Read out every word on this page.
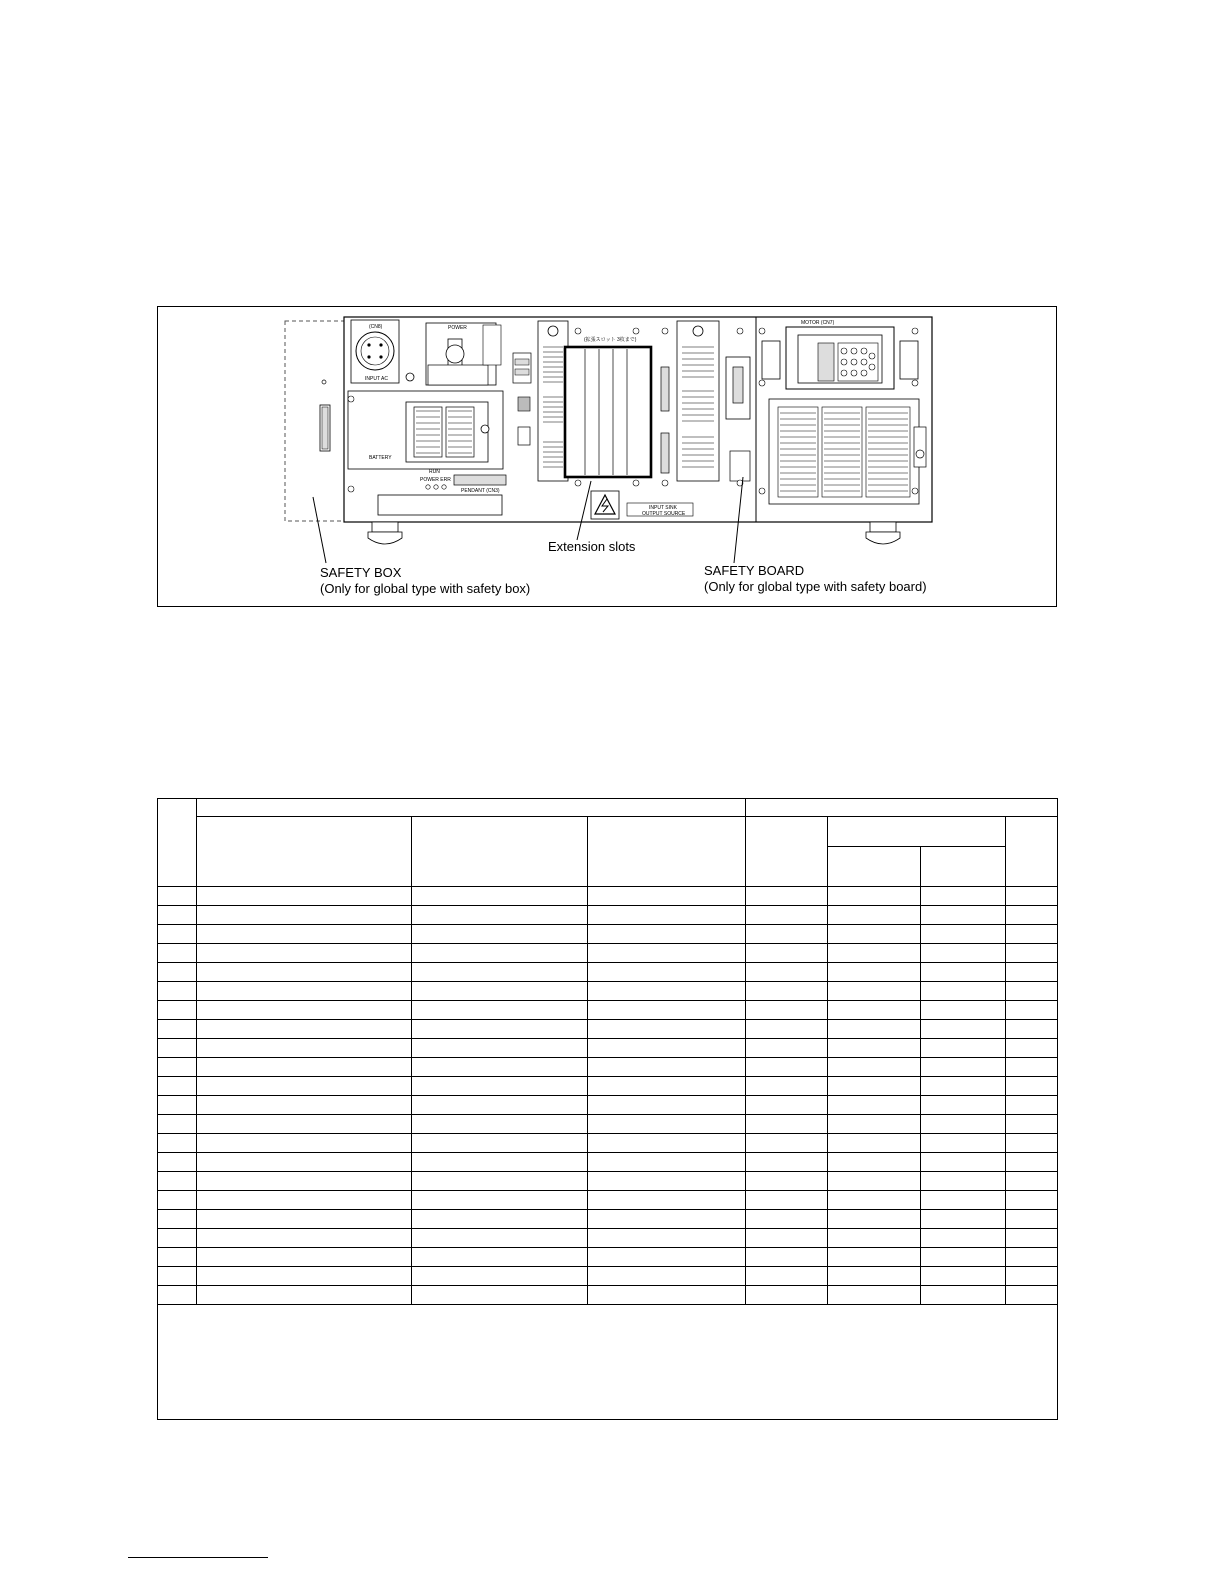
(CN8)
INPUT AC
POWER
BATTERY
RUN
POWER ERR
PENDANT (CN3)
(拡張スロット 3枚まで)
INPUT SINK
OUTPUT SOURCE
MOTOR (CN7)
Extension slots
SAFETY BOX
(Only for global type with safety box)
SAFETY BOARD
(Only for global type with safety board)
